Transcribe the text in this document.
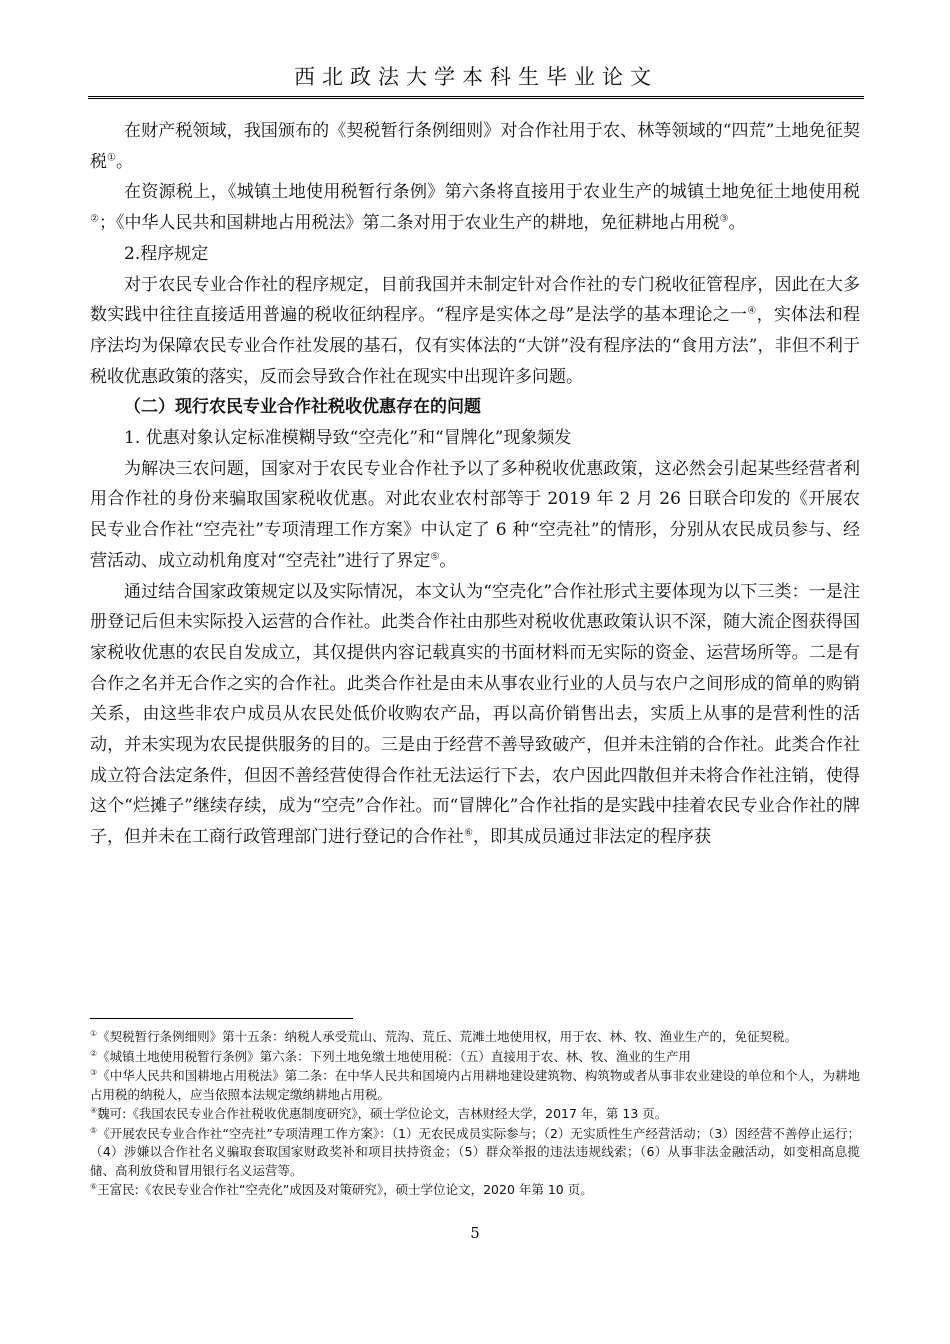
西北政法大学本科生毕业论文

在财产税领域，我国颁布的《契税暂行条例细则》对合作社用于农、林等领域的“四荒”土地免征契税①。

在资源税上，《城镇土地使用税暂行条例》第六条将直接用于农业生产的城镇土地免征土地使用税②；《中华人民共和国耕地占用税法》第二条对用于农业生产的耕地，免征耕地占用税③。

2.程序规定

对于农民专业合作社的程序规定，目前我国并未制定针对合作社的专门税收征管程序，因此在大多数实践中往往直接适用普遍的税收征纳程序。“程序是实体之母”是法学的基本理论之一④，实体法和程序法均为保障农民专业合作社发展的基石，仅有实体法的“大饼”没有程序法的“食用方法”，非但不利于税收优惠政策的落实，反而会导致合作社在现实中出现许多问题。

（二）现行农民专业合作社税收优惠存在的问题

1. 优惠对象认定标准模糊导致“空壳化”和“冒牌化”现象频发

为解决三农问题，国家对于农民专业合作社予以了多种税收优惠政策，这必然会引起某些经营者利用合作社的身份来骗取国家税收优惠。对此农业农村部等于 2019 年 2 月 26 日联合印发的《开展农民专业合作社“空壳社”专项清理工作方案》中认定了 6 种“空壳社”的情形，分别从农民成员参与、经营活动、成立动机角度对“空壳社”进行了界定⑤。

通过结合国家政策规定以及实际情况，本文认为“空壳化”合作社形式主要体现为以下三类：一是注册登记后但未实际投入运营的合作社。此类合作社由那些对税收优惠政策认识不深，随大流企图获得国家税收优惠的农民自发成立，其仅提供内容记载真实的书面材料而无实际的资金、运营场所等。二是有合作之名并无合作之实的合作社。此类合作社是由未从事农业行业的人员与农户之间形成的简单的购销关系，由这些非农户成员从农民处低价收购农产品，再以高价销售出去，实质上从事的是营利性的活动，并未实现为农民提供服务的目的。三是由于经营不善导致破产，但并未注销的合作社。此类合作社成立符合法定条件，但因不善经营使得合作社无法运行下去，农户因此四散但并未将合作社注销，使得这个“烂摊子”继续存续，成为“空壳”合作社。而“冒牌化”合作社指的是实践中挂着农民专业合作社的牌子，但并未在工商行政管理部门进行登记的合作社⑥，即其成员通过非法定的程序获

①《契税暂行条例细则》第十五条：纳税人承受荒山、荒沟、荒丘、荒滩土地使用权，用于农、林、牧、渔业生产的，免征契税。

②《城镇土地使用税暂行条例》第六条：下列土地免缴土地使用税：（五）直接用于农、林、牧、渔业的生产用

③《中华人民共和国耕地占用税法》第二条：在中华人民共和国境内占用耕地建设建筑物、构筑物或者从事非农业建设的单位和个人，为耕地占用税的纳税人，应当依照本法规定缴纳耕地占用税。

④魏可:《我国农民专业合作社税收优惠制度研究》，硕士学位论文，吉林财经大学，2017 年，第 13 页。

⑤《开展农民专业合作社“空壳社”专项清理工作方案》：（1）无农民成员实际参与；（2）无实质性生产经营活动；（3）因经营不善停止运行；（4）涉嫌以合作社名义骗取套取国家财政奖补和项目扶持资金；（5）群众举报的违法违规线索；（6）从事非法金融活动，如变相高息揽储、高利放贷和冒用银行名义运营等。

⑥王富民:《农民专业合作社“空壳化”成因及对策研究》，硕士学位论文，2020 年第 10 页。

5
